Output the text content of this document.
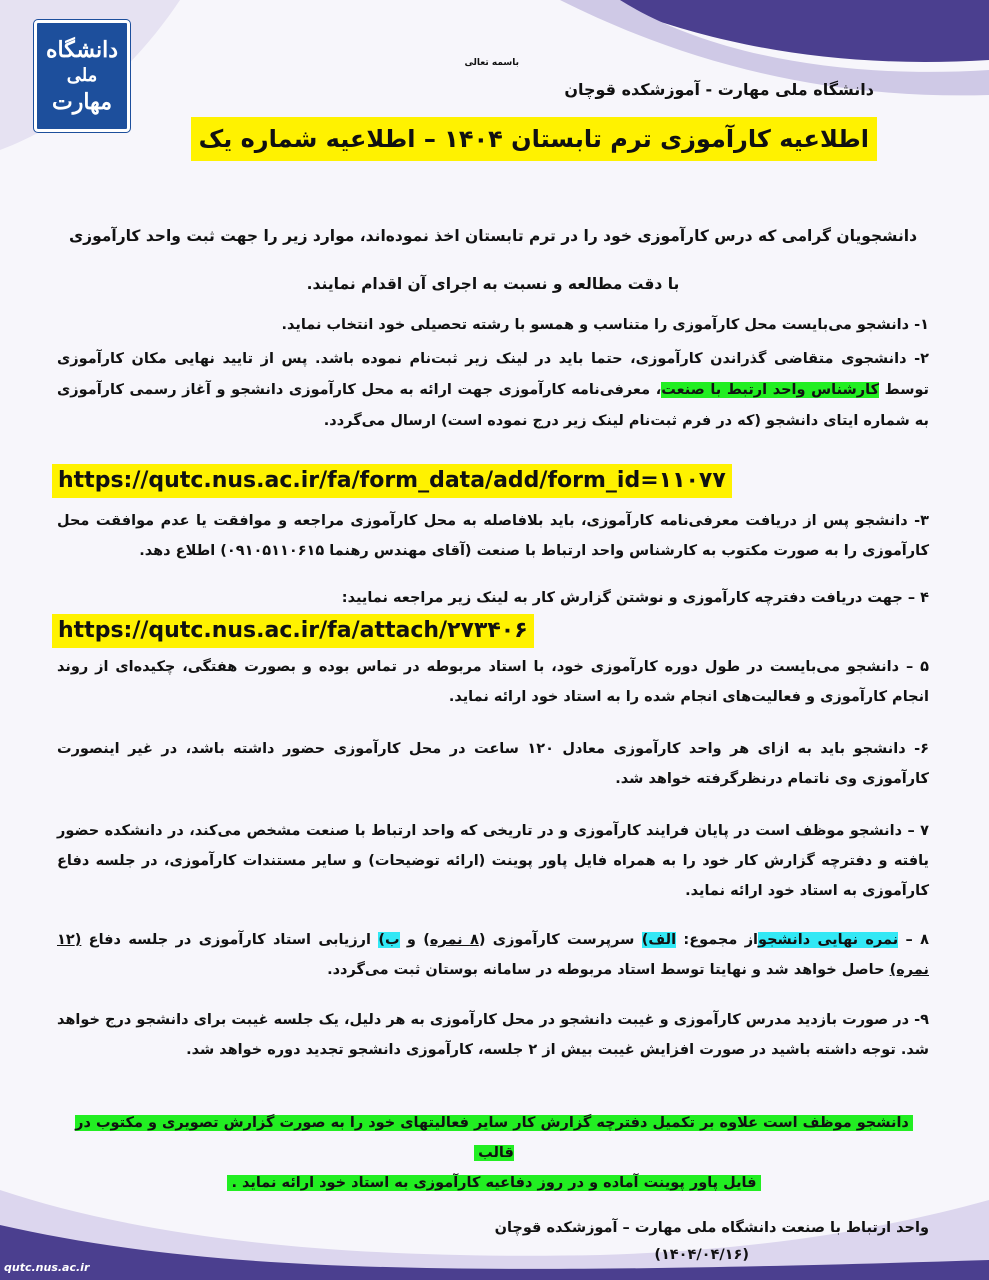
دانشگاه
ملی
مهارت
باسمه تعالی
دانشگاه ملی مهارت - آموزشکده قوچان
اطلاعیه کارآموزی ترم تابستان ۱۴۰۴ – اطلاعیه شماره یک
دانشجویان گرامی که درس کارآموزی خود را در ترم تابستان اخذ نموده‌اند، موارد زیر را جهت ثبت واحد کارآموزی
با دقت مطالعه و نسبت به اجرای آن اقدام نمایند.
۱- دانشجو می‌بایست محل کارآموزی را متناسب و همسو با رشته تحصیلی خود انتخاب نماید.
۲- دانشجوی متقاضی گذراندن کارآموزی، حتما باید در لینک زیر ثبت‌نام نموده باشد. پس از تایید نهایی مکان کارآموزی توسط کارشناس واحد ارتبط با صنعت، معرفی‌نامه کارآموزی جهت ارائه به محل کارآموزی دانشجو و آغاز رسمی کارآموزی به شماره ایتای دانشجو (که در فرم ثبت‌نام لینک زیر درج نموده است) ارسال می‌گردد.
https://qutc.nus.ac.ir/fa/form_data/add/form_id=۱۱۰۷۷
۳- دانشجو پس از دریافت معرفی‌نامه کارآموزی، باید بلافاصله به محل کارآموزی مراجعه و موافقت یا عدم موافقت محل کارآموزی را به صورت مکتوب به کارشناس واحد ارتباط با صنعت (آقای مهندس رهنما ۰۹۱۰۵۱۱۰۶۱۵) اطلاع دهد.
۴ – جهت دریافت دفترچه کارآموزی و نوشتن گزارش کار به لینک زیر مراجعه نمایید:
https://qutc.nus.ac.ir/fa/attach/۲۷۳۴۰۶
۵ – دانشجو می‌بایست در طول دوره کارآموزی خود، با استاد مربوطه در تماس بوده و بصورت هفتگی، چکیده‌ای از روند انجام کارآموزی و فعالیت‌های انجام شده را به استاد خود ارائه نماید.
۶- دانشجو باید به ازای هر واحد کارآموزی معادل ۱۲۰ ساعت در محل کارآموزی حضور داشته باشد، در غیر اینصورت کارآموزی وی ناتمام درنظرگرفته خواهد شد.
۷ – دانشجو موظف است در پایان فرایند کارآموزی و در تاریخی که واحد ارتباط با صنعت مشخص می‌کند، در دانشکده حضور یافته و دفترچه گزارش کار خود را به همراه فایل پاور پوینت (ارائه توضیحات) و سایر مستندات کارآموزی، در جلسه دفاع کارآموزی به استاد خود ارائه نماید.
۸ – نمره نهایی دانشجواز مجموع: الف) سرپرست کارآموزی (۸ نمره) و ب) ارزیابی استاد کارآموزی در جلسه دفاع (۱۲ نمره) حاصل خواهد شد و نهایتا توسط استاد مربوطه در سامانه بوستان ثبت می‌گردد.
۹- در صورت بازدید مدرس کارآموزی و غیبت دانشجو در محل کارآموزی به هر دلیل، یک جلسه غیبت برای دانشجو درج خواهد شد. توجه داشته باشید در صورت افزایش غیبت بیش از ۲ جلسه، کارآموزی دانشجو تجدید دوره خواهد شد.
دانشجو موظف است علاوه بر تکمیل دفترچه گزارش کار سایر فعالیتهای خود را به صورت گزارش تصویری و مکتوب در قالب
فایل پاور پوینت آماده و در روز دفاعیه کارآموزی به استاد خود ارائه نماید .
واحد ارتباط با صنعت دانشگاه ملی مهارت – آموزشکده قوچان
(۱۴۰۴/۰۴/۱۶)
qutc.nus.ac.ir
